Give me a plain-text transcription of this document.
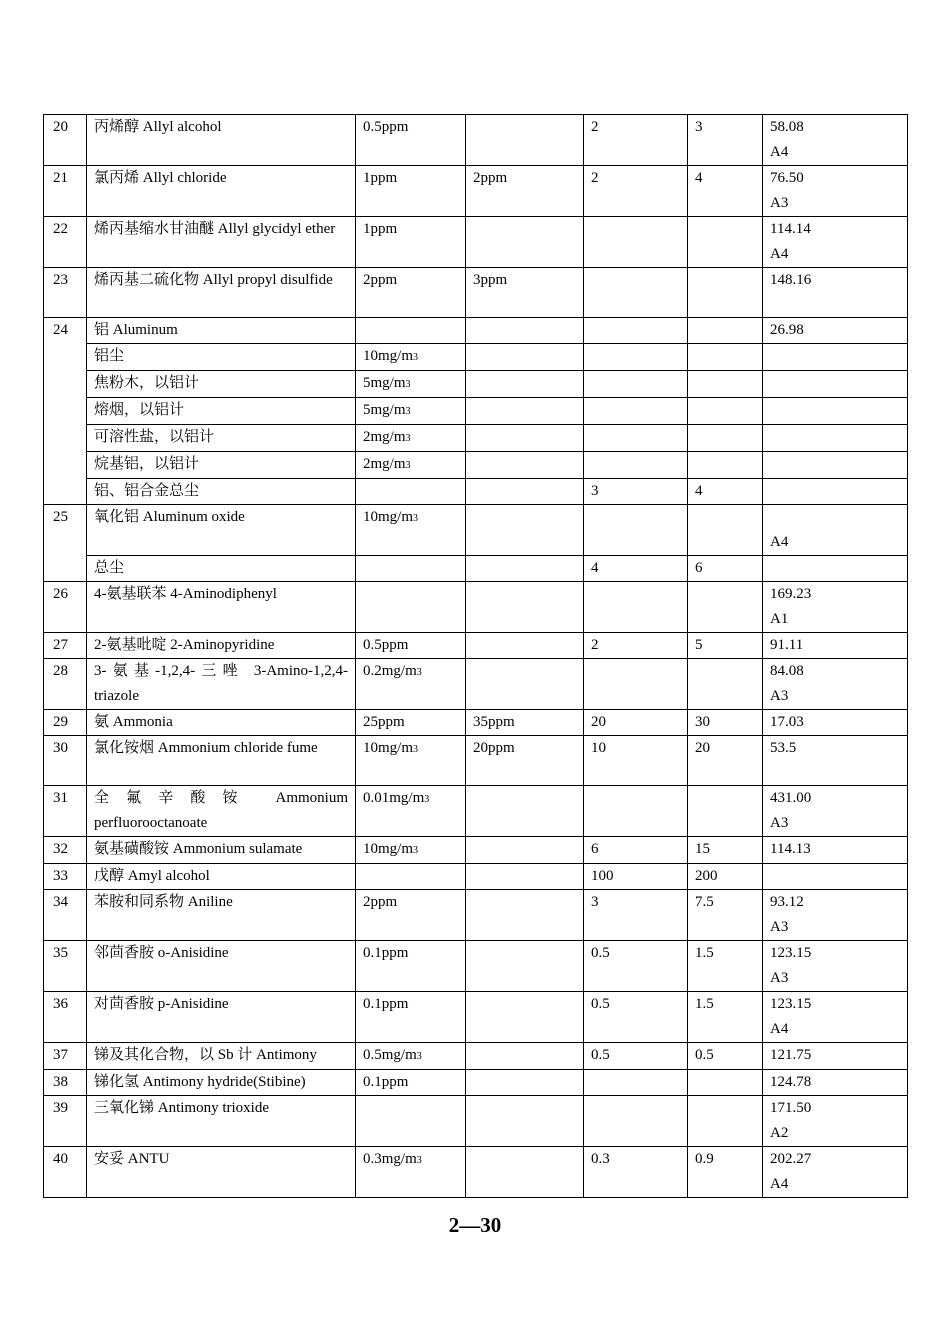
20	丙烯醇 Allyl alcohol	0.5ppm		2	3	58.08
A4

21	氯丙烯 Allyl chloride	1ppm	2ppm	2	4	76.50
A3

22	烯丙基缩水甘油醚 Allyl glycidyl ether	1ppm				114.14
A4

23	烯丙基二硫化物 Allyl propyl disulfide	2ppm	3ppm			148.16

24	铝 Aluminum					26.98

	铝尘	10mg/m3				

	焦粉木，以铝计	5mg/m3				

	熔烟，以铝计	5mg/m3				

	可溶性盐，以铝计	2mg/m3				

	烷基铝，以铝计	2mg/m3				

	铝、铝合金总尘			3	4	

25	氧化铝 Aluminum oxide	10mg/m3				A4

	总尘			4	6	

26	4-氨基联苯 4-Aminodiphenyl					169.23
A1

27	2-氨基吡啶 2-Aminopyridine	0.5ppm		2	5	91.11

28	3-氨基-1,2,4-三唑 3-Amino-1,2,4-triazole	0.2mg/m3				84.08
A3

29	氨 Ammonia	25ppm	35ppm	20	30	17.03

30	氯化铵烟 Ammonium chloride fume	10mg/m3	20ppm	10	20	53.5

31	全氟辛酸铵 Ammonium perfluorooctanoate	0.01mg/m3				431.00
A3

32	氨基磺酸铵 Ammonium sulamate	10mg/m3		6	15	114.13

33	戊醇 Amyl alcohol			100	200	

34	苯胺和同系物 Aniline	2ppm		3	7.5	93.12
A3

35	邻茴香胺 o-Anisidine	0.1ppm		0.5	1.5	123.15
A3

36	对茴香胺 p-Anisidine	0.1ppm		0.5	1.5	123.15
A4

37	锑及其化合物，以 Sb 计 Antimony	0.5mg/m3		0.5	0.5	121.75

38	锑化氢 Antimony hydride(Stibine)	0.1ppm				124.78

39	三氧化锑 Antimony trioxide					171.50
A2

40	安妥 ANTU	0.3mg/m3		0.3	0.9	202.27
A4
2—30
